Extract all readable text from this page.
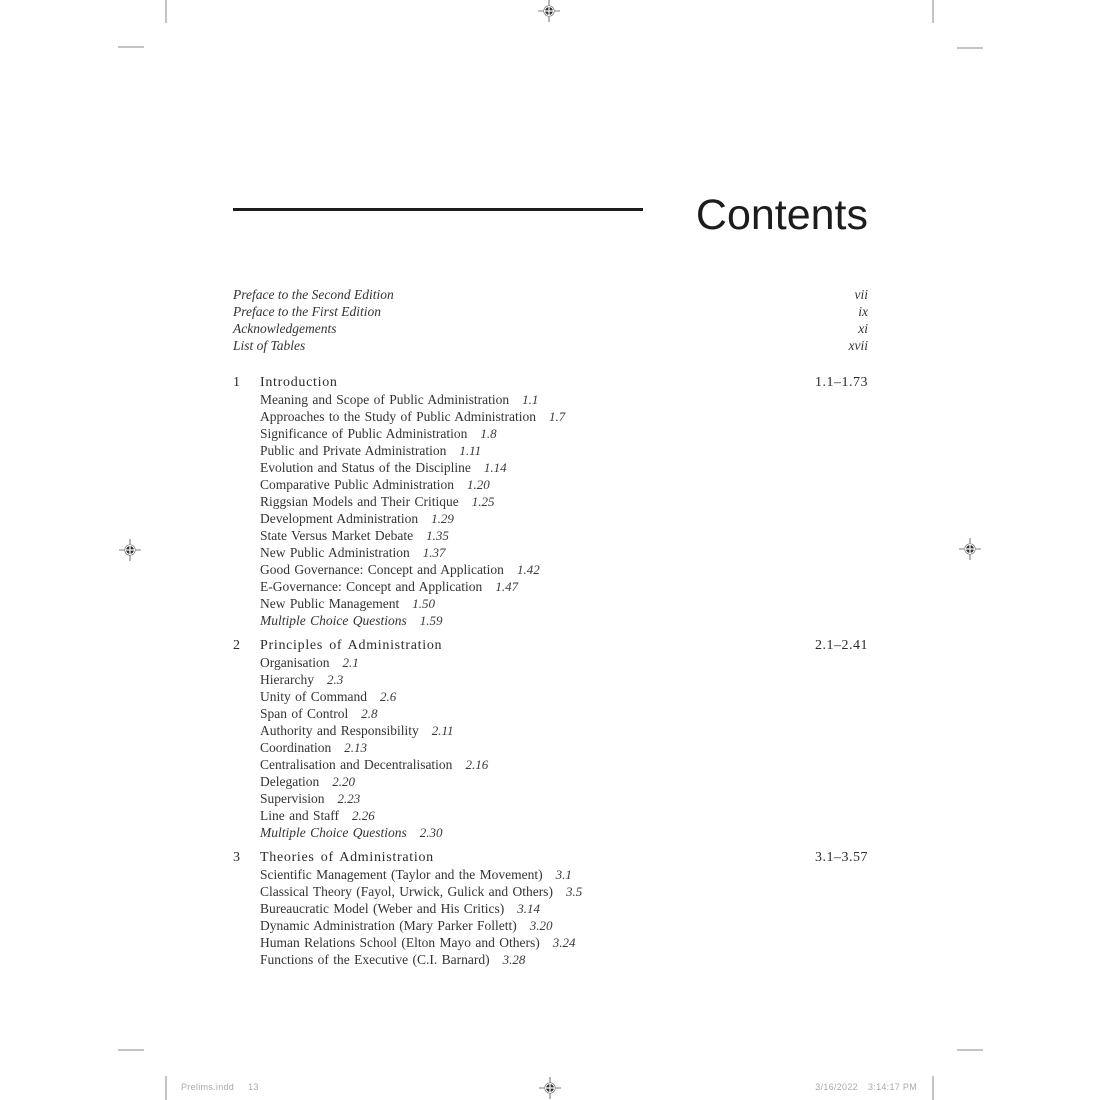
Contents
Preface to the Second Edition	vii
Preface to the First Edition	ix
Acknowledgements	xi
List of Tables	xvii
1	Introduction	1.1–1.73
Meaning and Scope of Public Administration 1.1
Approaches to the Study of Public Administration 1.7
Significance of Public Administration 1.8
Public and Private Administration 1.11
Evolution and Status of the Discipline 1.14
Comparative Public Administration 1.20
Riggsian Models and Their Critique 1.25
Development Administration 1.29
State Versus Market Debate 1.35
New Public Administration 1.37
Good Governance: Concept and Application 1.42
E-Governance: Concept and Application 1.47
New Public Management 1.50
Multiple Choice Questions 1.59
2	Principles of Administration	2.1–2.41
Organisation 2.1
Hierarchy 2.3
Unity of Command 2.6
Span of Control 2.8
Authority and Responsibility 2.11
Coordination 2.13
Centralisation and Decentralisation 2.16
Delegation 2.20
Supervision 2.23
Line and Staff 2.26
Multiple Choice Questions 2.30
3	Theories of Administration	3.1–3.57
Scientific Management (Taylor and the Movement) 3.1
Classical Theory (Fayol, Urwick, Gulick and Others) 3.5
Bureaucratic Model (Weber and His Critics) 3.14
Dynamic Administration (Mary Parker Follett) 3.20
Human Relations School (Elton Mayo and Others) 3.24
Functions of the Executive (C.I. Barnard) 3.28
Prelims.indd 13	3/16/2022 3:14:17 PM
